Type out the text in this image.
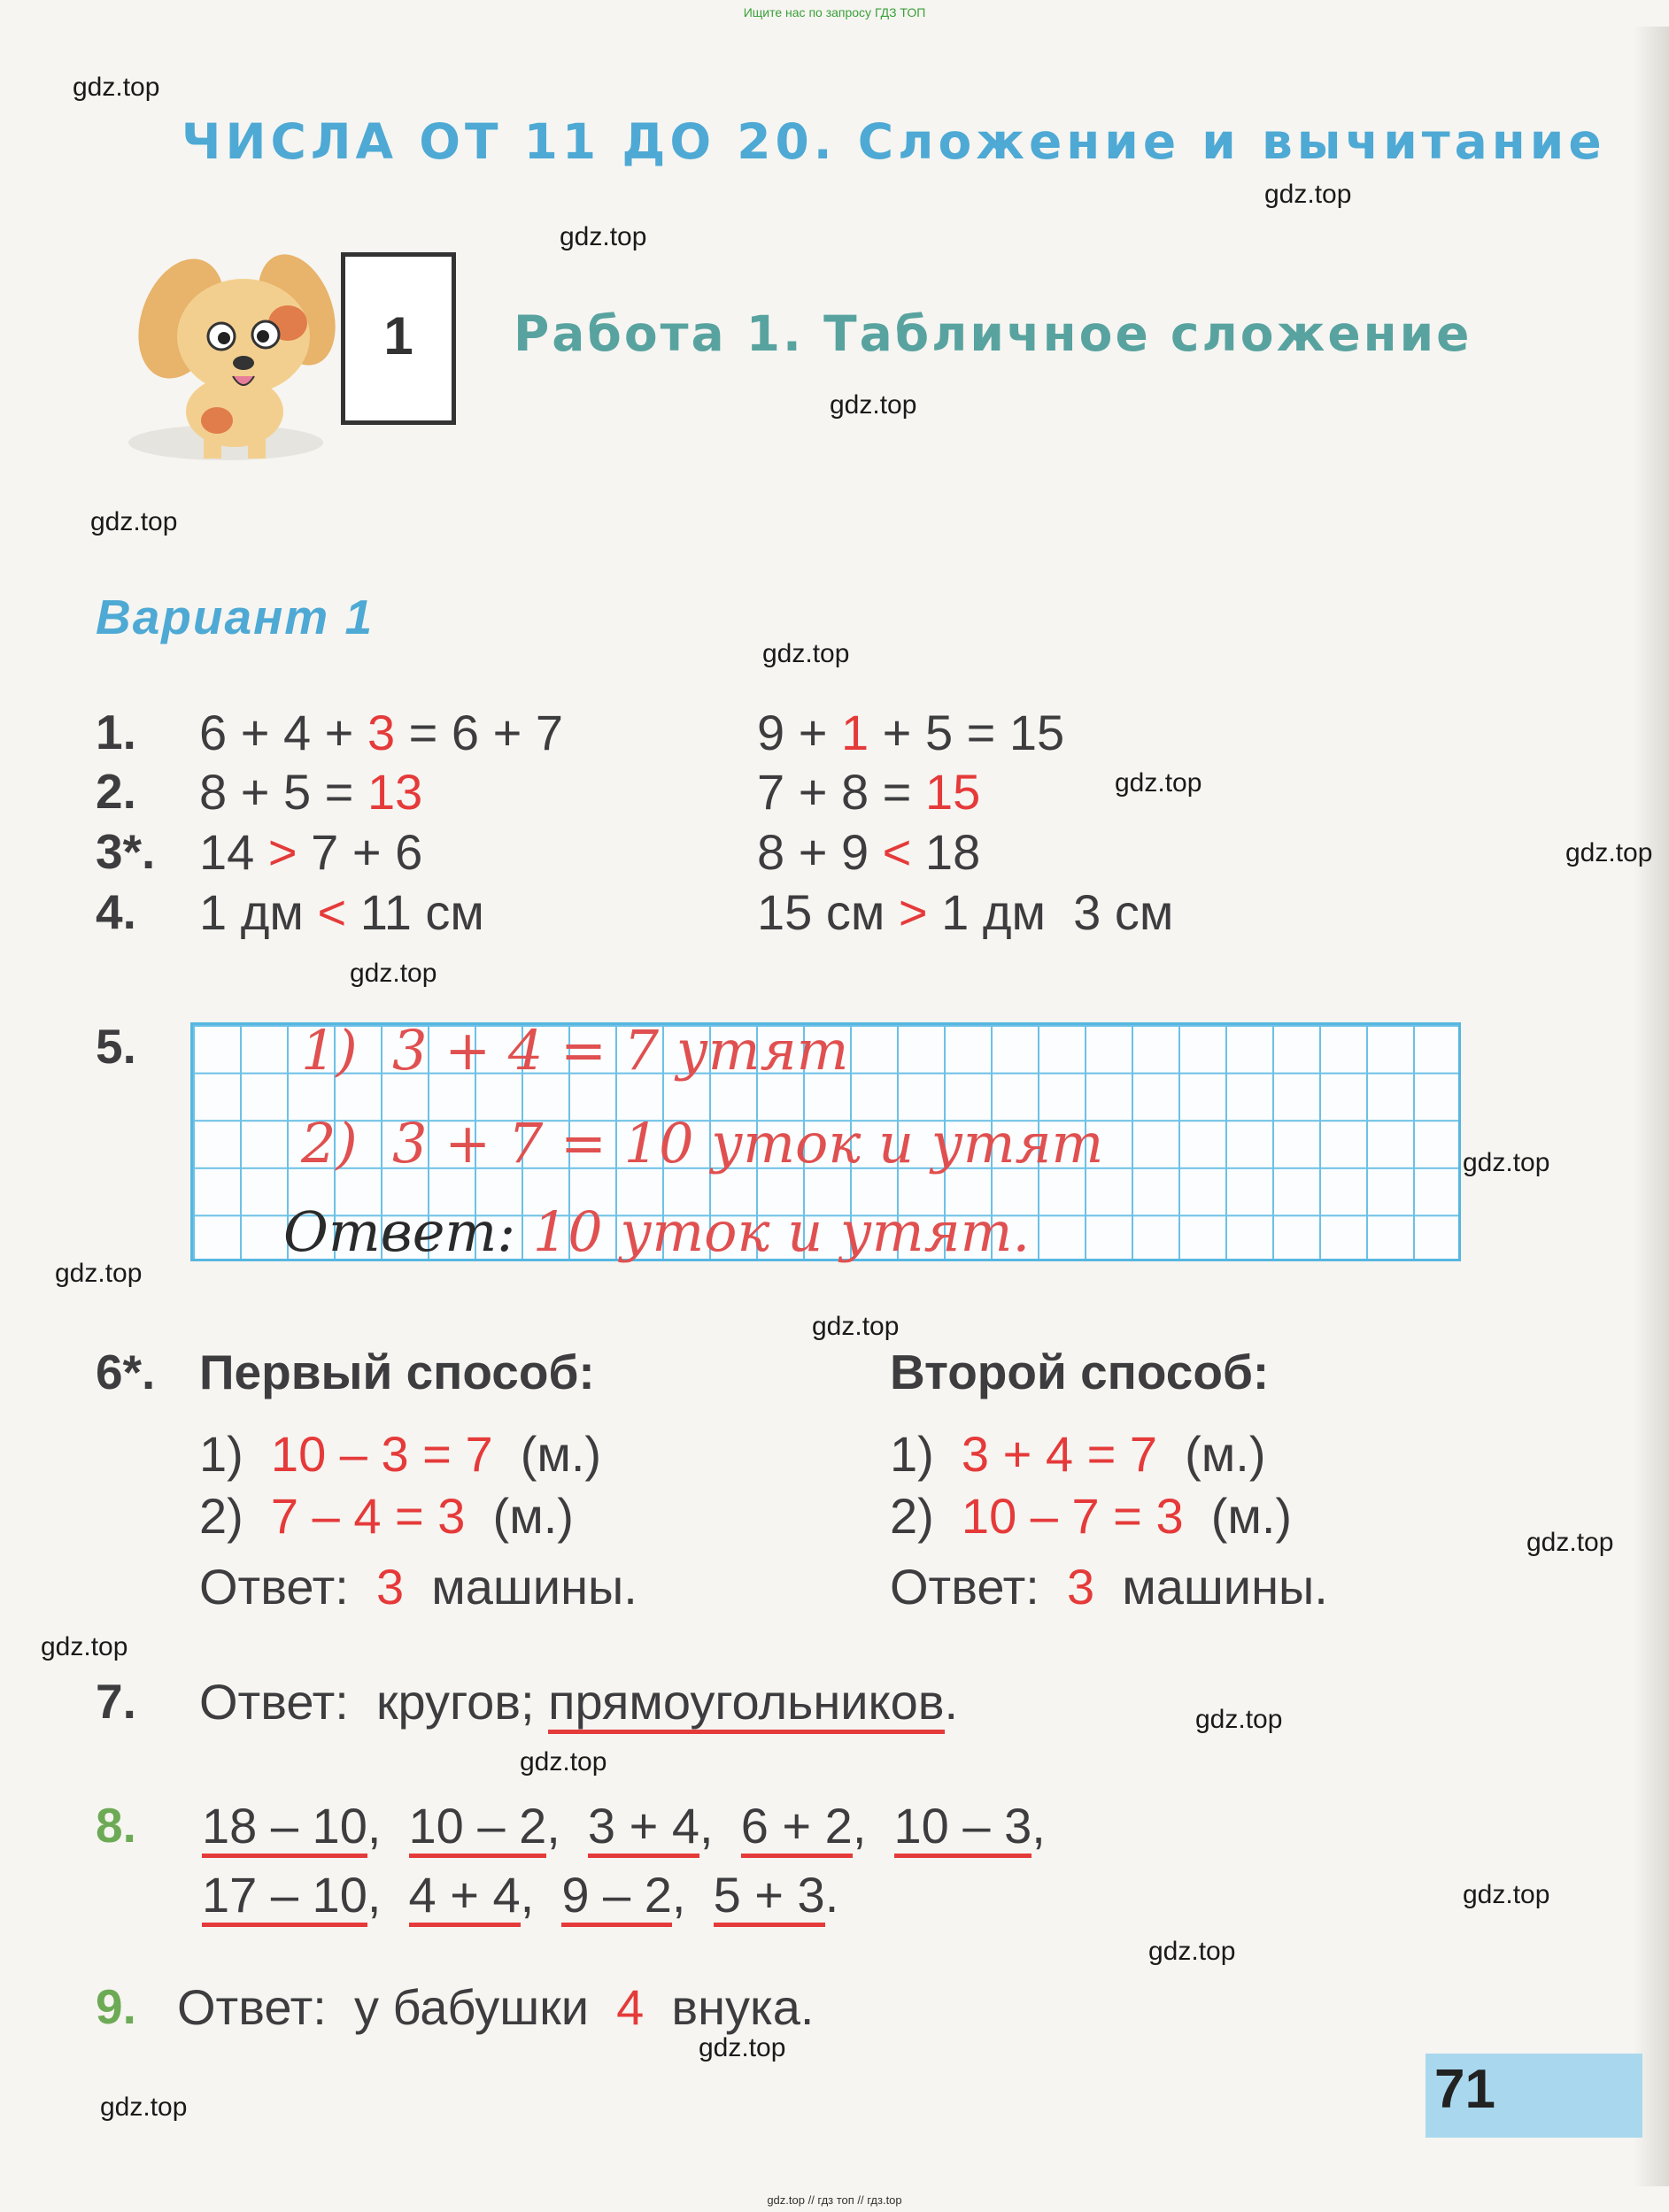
Ищите нас по запросу ГДЗ ТОП
gdz.top
gdz.top
gdz.top
gdz.top
gdz.top
gdz.top
gdz.top
gdz.top
gdz.top
gdz.top
gdz.top
gdz.top
gdz.top
gdz.top
gdz.top
gdz.top
gdz.top
gdz.top
gdz.top
gdz.top
ЧИСЛА ОТ 11 ДО 20. Сложение и вычитание
1	Работа 1. Табличное сложение
Вариант 1
1. 6 + 4 + 3 = 6 + 7	9 + 1 + 5 = 15
2. 8 + 5 = 13	7 + 8 = 15
3*. 14 > 7 + 6	8 + 9 < 18
4. 1 дм < 11 см	15 см > 1 дм  3 см
5.	1)  3 + 4 = 7 утят
2)  3 + 7 = 10 уток и утят
Ответ: 10 уток и утят.
6*. Первый способ:
1)  10 – 3 = 7  (м.)
2)  7 – 4 = 3  (м.)
Ответ:  3  машины.
Второй способ:
1)  3 + 4 = 7  (м.)
2)  10 – 7 = 3  (м.)
Ответ:  3  машины.
7. Ответ:  кругов; прямоугольников.
8. 18 – 10,  10 – 2,  3 + 4,  6 + 2,  10 – 3,
17 – 10,  4 + 4,  9 – 2,  5 + 3.
9. Ответ:  у бабушки  4  внука.
71
gdz.top // гдз топ // гдз.top
